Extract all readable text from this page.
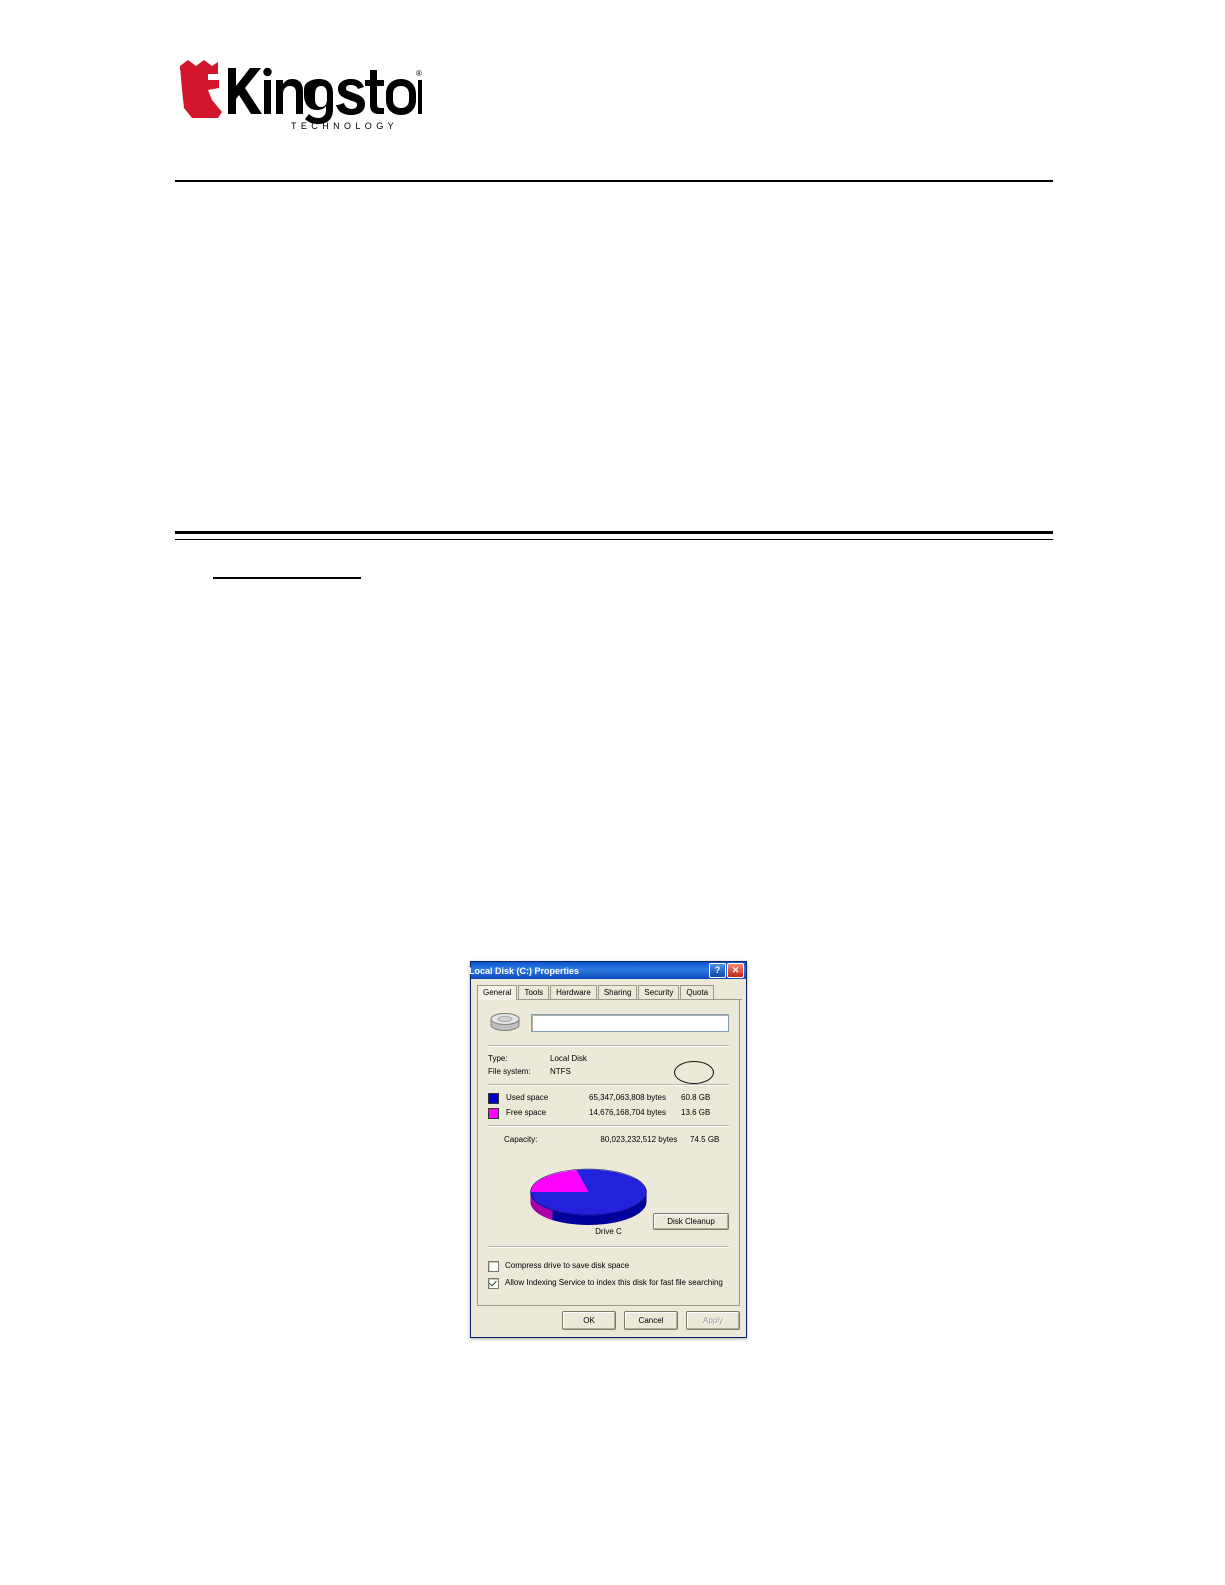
TECHNOLOGY
®
Local Disk (C:) Properties	?	✕
General	Tools	Hardware	Sharing	Security	Quota
Type:	Local Disk
File system:	NTFS
Used space	65,347,063,808 bytes	60.8 GB
Free space	14,676,168,704 bytes	13.6 GB
Capacity:	80,023,232,512 bytes	74.5 GB
Drive C
Disk Cleanup
Compress drive to save disk space
Allow Indexing Service to index this disk for fast file searching
OK	Cancel	Apply
